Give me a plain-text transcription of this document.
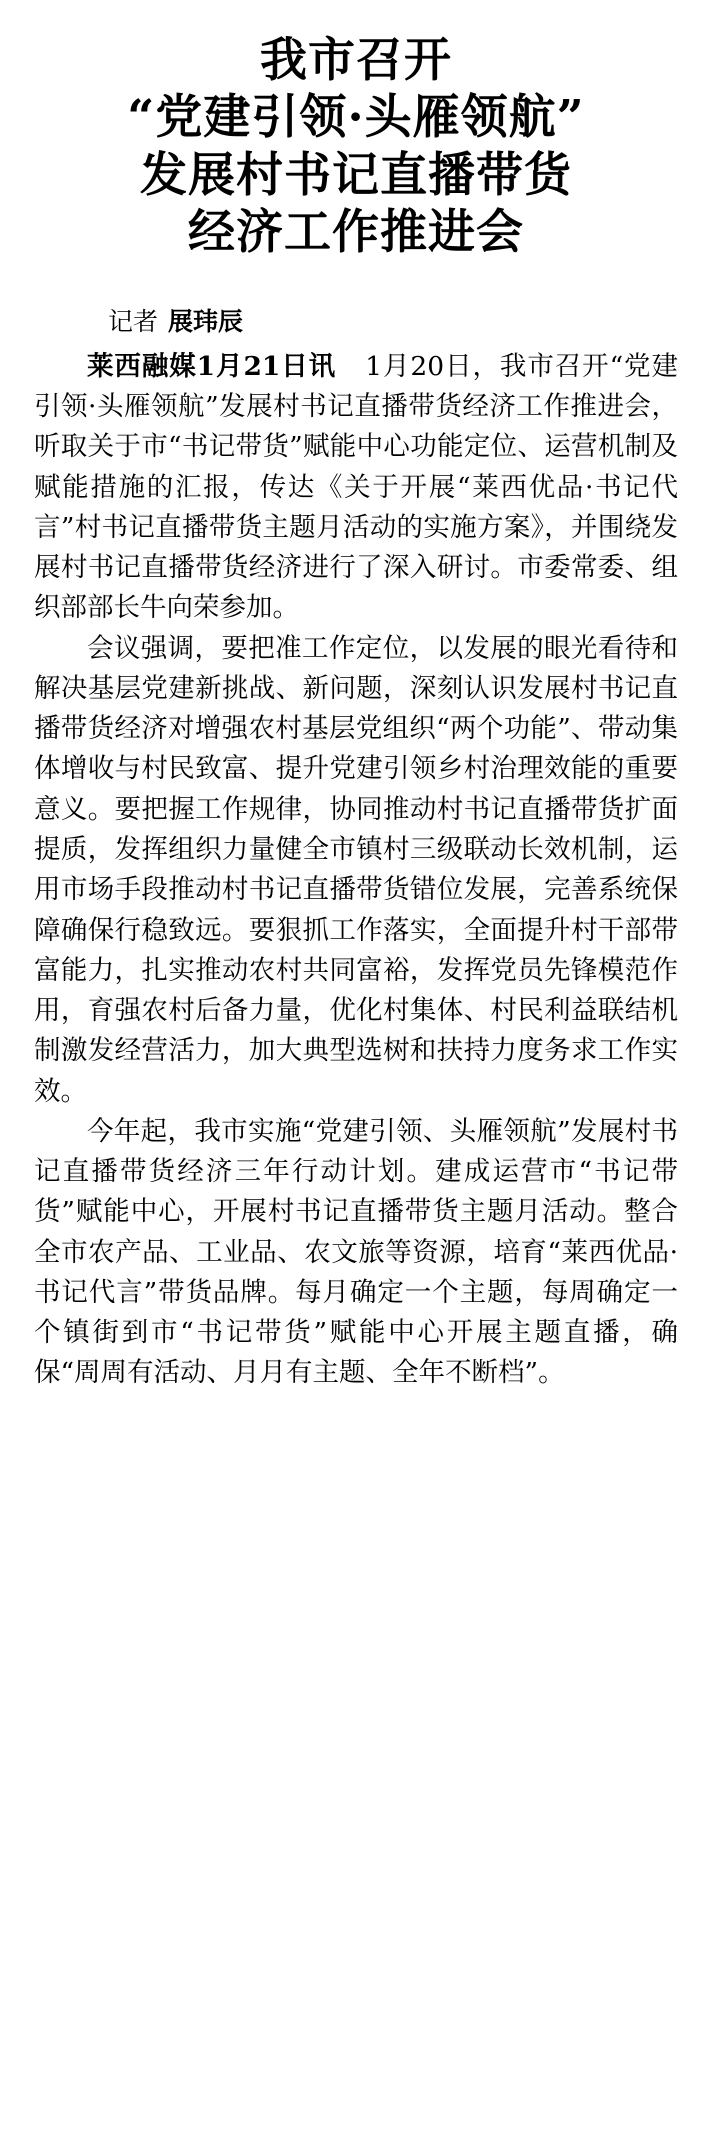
我市召开
“党建引领·头雁领航”
发展村书记直播带货
经济工作推进会
记者 展玮辰

莱西融媒1月21日讯 1月20日，我市召开“党建引领·头雁领航”发展村书记直播带货经济工作推进会，听取关于市“书记带货”赋能中心功能定位、运营机制及赋能措施的汇报，传达《关于开展“莱西优品·书记代言”村书记直播带货主题月活动的实施方案》，并围绕发展村书记直播带货经济进行了深入研讨。市委常委、组织部部长牛向荣参加。

会议强调，要把准工作定位，以发展的眼光看待和解决基层党建新挑战、新问题，深刻认识发展村书记直播带货经济对增强农村基层党组织“两个功能”、带动集体增收与村民致富、提升党建引领乡村治理效能的重要意义。要把握工作规律，协同推动村书记直播带货扩面提质，发挥组织力量健全市镇村三级联动长效机制，运用市场手段推动村书记直播带货错位发展，完善系统保障确保行稳致远。要狠抓工作落实，全面提升村干部带富能力，扎实推动农村共同富裕，发挥党员先锋模范作用，育强农村后备力量，优化村集体、村民利益联结机制激发经营活力，加大典型选树和扶持力度务求工作实效。

今年起，我市实施“党建引领、头雁领航”发展村书记直播带货经济三年行动计划。建成运营市“书记带货”赋能中心，开展村书记直播带货主题月活动。整合全市农产品、工业品、农文旅等资源，培育“莱西优品·书记代言”带货品牌。每月确定一个主题，每周确定一个镇街到市“书记带货”赋能中心开展主题直播，确保“周周有活动、月月有主题、全年不断档”。
